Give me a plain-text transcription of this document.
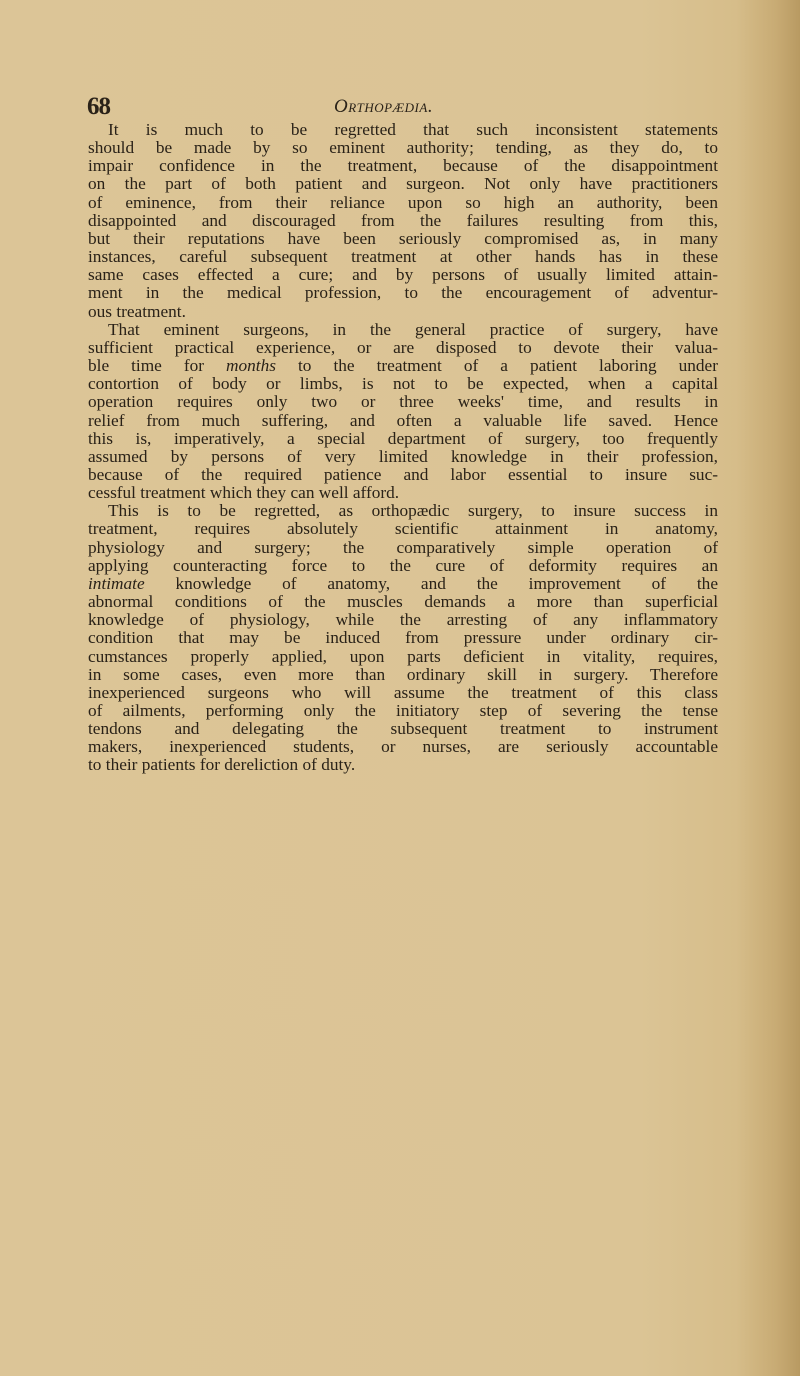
68	Orthopædia.
It is much to be regretted that such inconsistent statements
should be made by so eminent authority; tending, as they do, to
impair confidence in the treatment, because of the disappointment
on the part of both patient and surgeon. Not only have practitioners
of eminence, from their reliance upon so high an authority, been
disappointed and discouraged from the failures resulting from this,
but their reputations have been seriously compromised as, in many
instances, careful subsequent treatment at other hands has in these
same cases effected a cure; and by persons of usually limited attain-
ment in the medical profession, to the encouragement of adventur-
ous treatment.
That eminent surgeons, in the general practice of surgery, have
sufficient practical experience, or are disposed to devote their valua-
ble time for months to the treatment of a patient laboring under
contortion of body or limbs, is not to be expected, when a capital
operation requires only two or three weeks' time, and results in
relief from much suffering, and often a valuable life saved. Hence
this is, imperatively, a special department of surgery, too frequently
assumed by persons of very limited knowledge in their profession,
because of the required patience and labor essential to insure suc-
cessful treatment which they can well afford.
This is to be regretted, as orthopædic surgery, to insure success in
treatment, requires absolutely scientific attainment in anatomy,
physiology and surgery; the comparatively simple operation of
applying counteracting force to the cure of deformity requires an
intimate knowledge of anatomy, and the improvement of the
abnormal conditions of the muscles demands a more than superficial
knowledge of physiology, while the arresting of any inflammatory
condition that may be induced from pressure under ordinary cir-
cumstances properly applied, upon parts deficient in vitality, requires,
in some cases, even more than ordinary skill in surgery. Therefore
inexperienced surgeons who will assume the treatment of this class
of ailments, performing only the initiatory step of severing the tense
tendons and delegating the subsequent treatment to instrument
makers, inexperienced students, or nurses, are seriously accountable
to their patients for dereliction of duty.
